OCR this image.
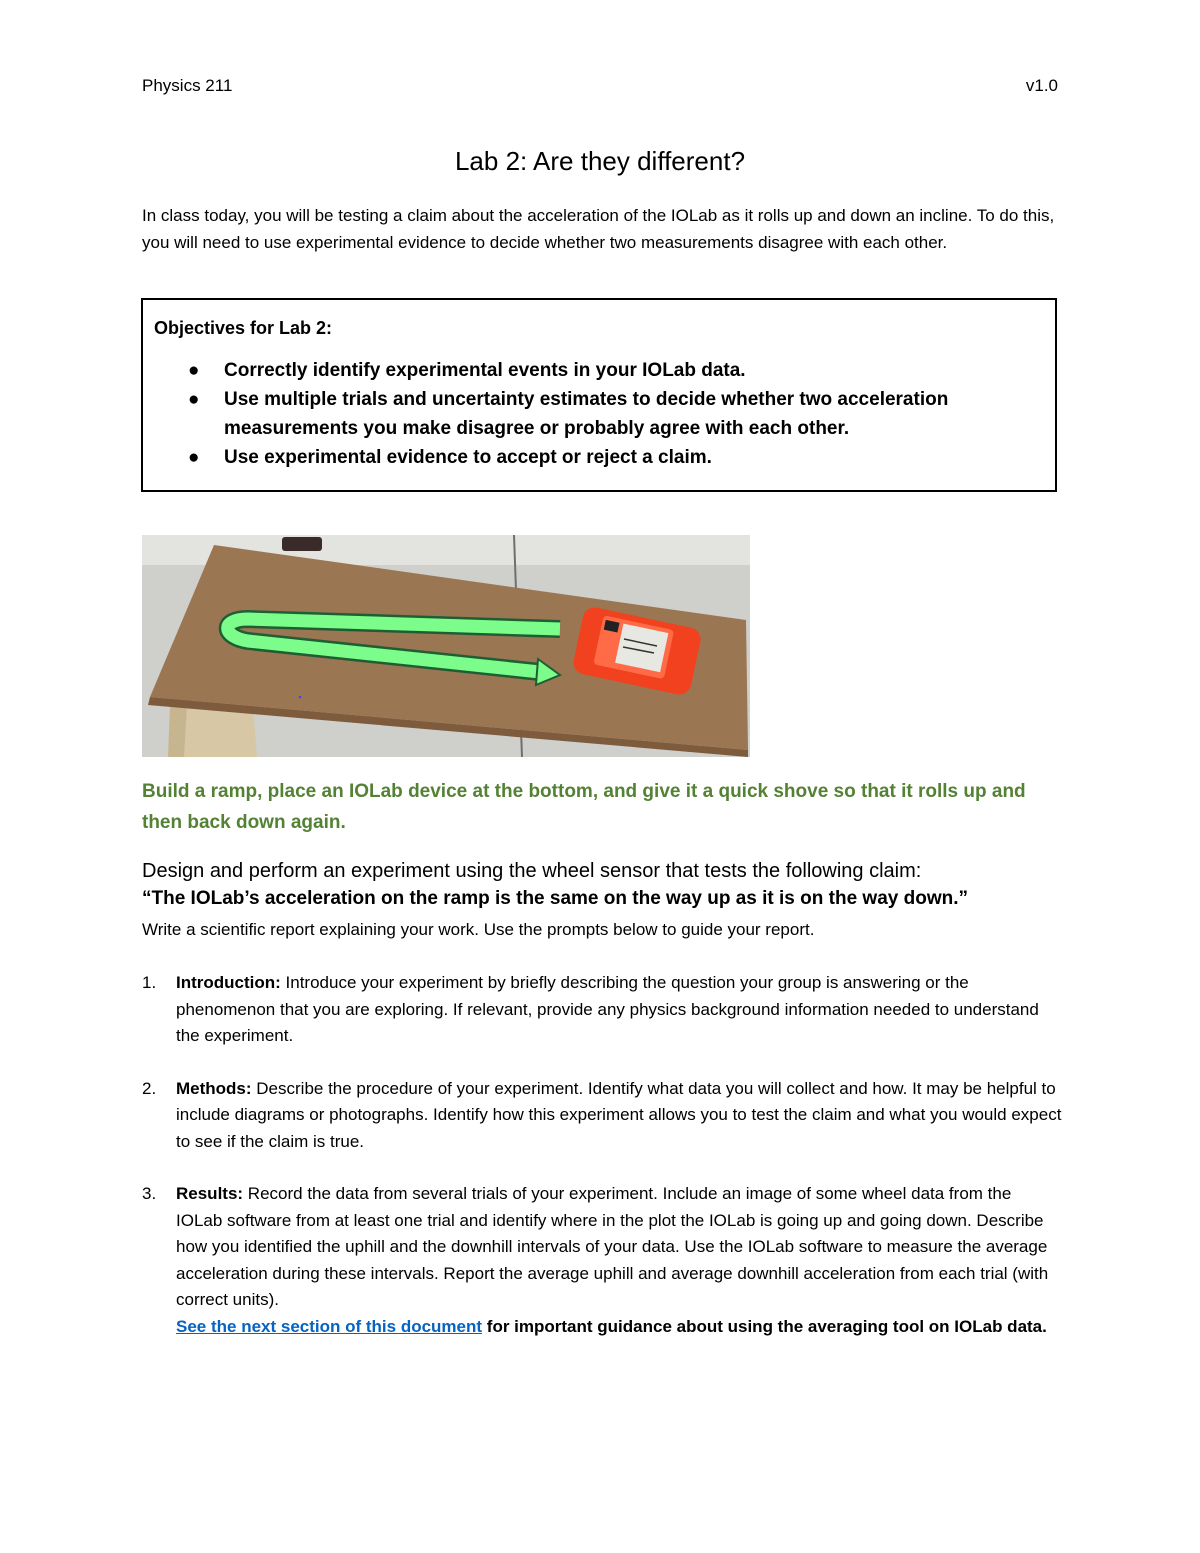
Physics 211	v1.0
Lab 2: Are they different?
In class today, you will be testing a claim about the acceleration of the IOLab as it rolls up and down an incline. To do this, you will need to use experimental evidence to decide whether two measurements disagree with each other.
Objectives for Lab 2:
● Correctly identify experimental events in your IOLab data.
● Use multiple trials and uncertainty estimates to decide whether two acceleration measurements you make disagree or probably agree with each other.
● Use experimental evidence to accept or reject a claim.
Build a ramp, place an IOLab device at the bottom, and give it a quick shove so that it rolls up and then back down again.
Design and perform an experiment using the wheel sensor that tests the following claim:
“The IOLab’s acceleration on the ramp is the same on the way up as it is on the way down.”
Write a scientific report explaining your work. Use the prompts below to guide your report.
1. Introduction: Introduce your experiment by briefly describing the question your group is answering or the phenomenon that you are exploring. If relevant, provide any physics background information needed to understand the experiment.
2. Methods: Describe the procedure of your experiment. Identify what data you will collect and how. It may be helpful to include diagrams or photographs. Identify how this experiment allows you to test the claim and what you would expect to see if the claim is true.
3. Results: Record the data from several trials of your experiment. Include an image of some wheel data from the IOLab software from at least one trial and identify where in the plot the IOLab is going up and going down. Describe how you identified the uphill and the downhill intervals of your data. Use the IOLab software to measure the average acceleration during these intervals. Report the average uphill and average downhill acceleration from each trial (with correct units).
See the next section of this document for important guidance about using the averaging tool on IOLab data.
